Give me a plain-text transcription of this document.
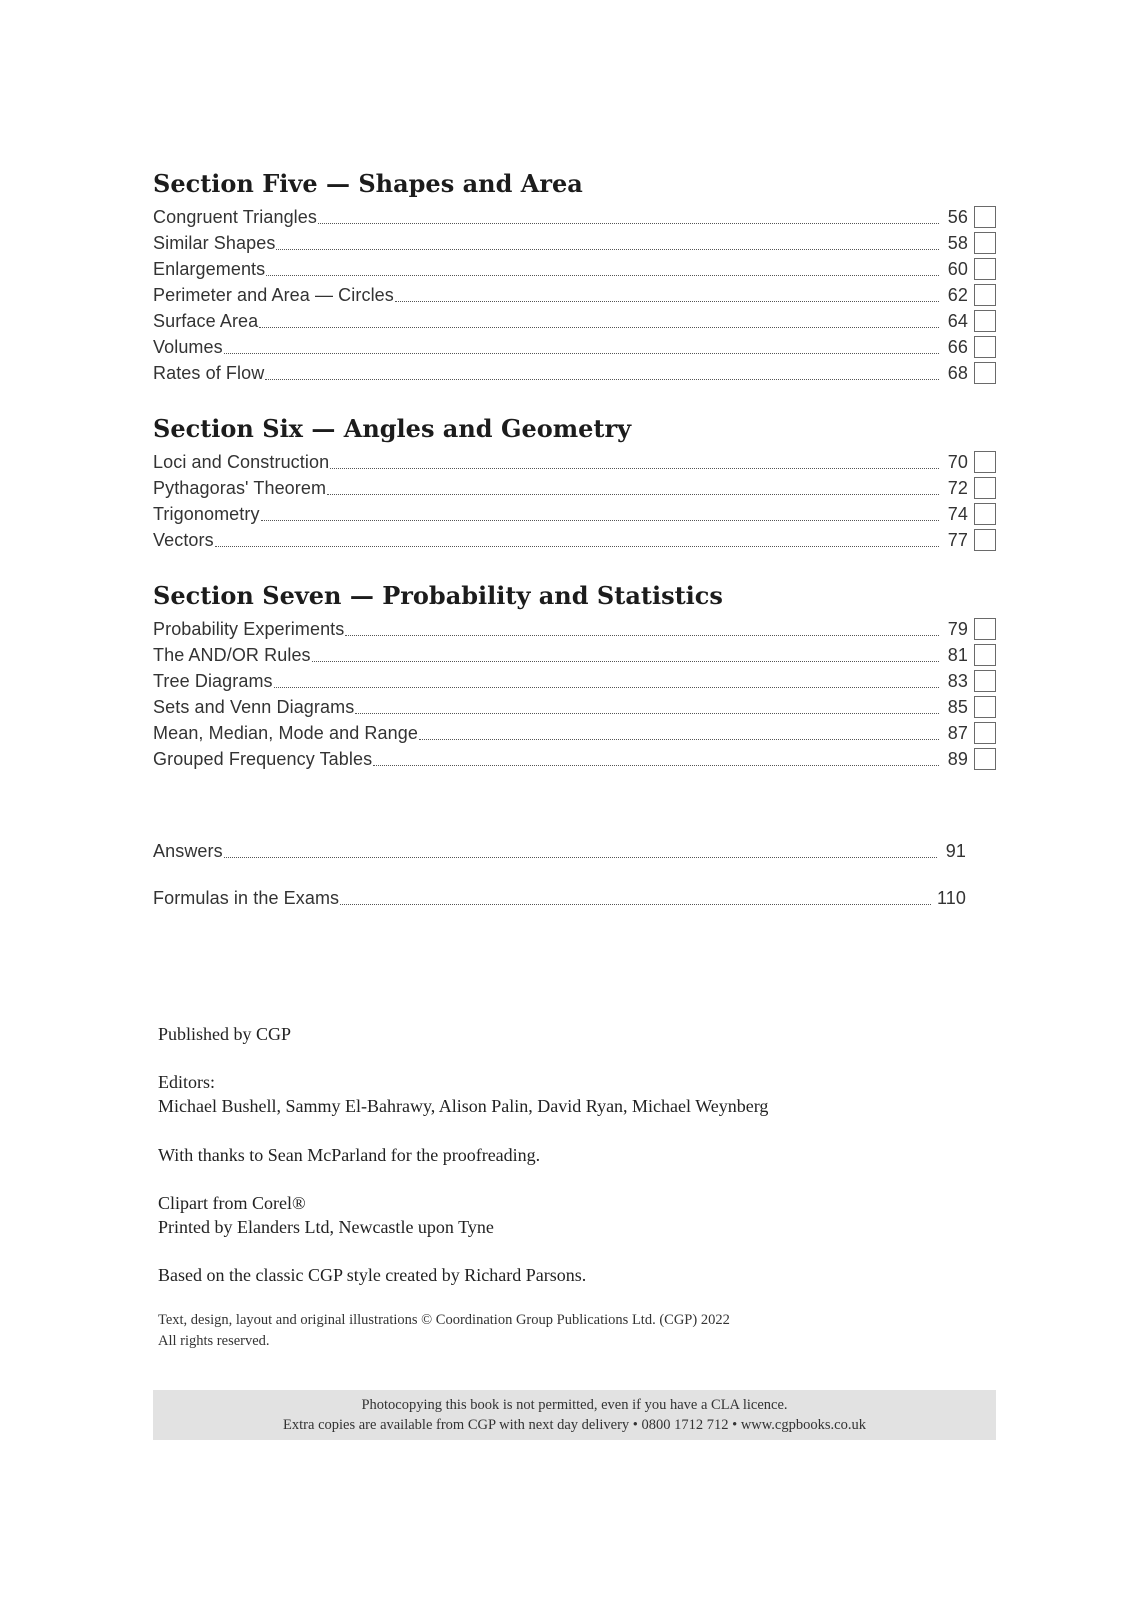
Section Five — Shapes and Area
Congruent Triangles	56
Similar Shapes	58
Enlargements	60
Perimeter and Area — Circles	62
Surface Area	64
Volumes	66
Rates of Flow	68
Section Six — Angles and Geometry
Loci and Construction	70
Pythagoras' Theorem	72
Trigonometry	74
Vectors	77
Section Seven — Probability and Statistics
Probability Experiments	79
The AND/OR Rules	81
Tree Diagrams	83
Sets and Venn Diagrams	85
Mean, Median, Mode and Range	87
Grouped Frequency Tables	89
Answers	91
Formulas in the Exams	110

Published by CGP

Editors:

Michael Bushell, Sammy El-Bahrawy, Alison Palin, David Ryan, Michael Weynberg

With thanks to Sean McParland for the proofreading.

Clipart from Corel®

Printed by Elanders Ltd, Newcastle upon Tyne

Based on the classic CGP style created by Richard Parsons.

Text, design, layout and original illustrations © Coordination Group Publications Ltd. (CGP) 2022

All rights reserved.

Photocopying this book is not permitted, even if you have a CLA licence.

Extra copies are available from CGP with next day delivery • 0800 1712 712 • www.cgpbooks.co.uk
